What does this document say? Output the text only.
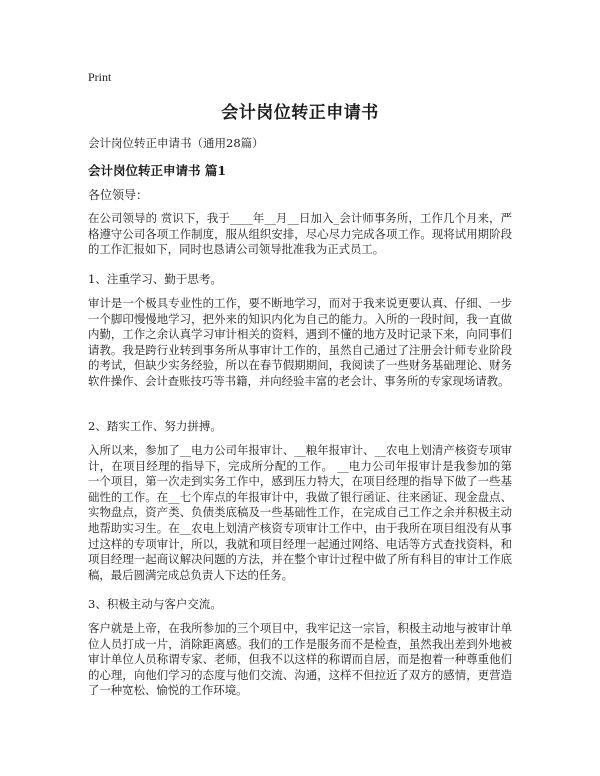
Print
会计岗位转正申请书
会计岗位转正申请书（通用28篇）
会计岗位转正申请书 篇1
各位领导：

在公司领导的 赏识下，我于____年__月__日加入_会计师事务所，工作几个月来，严格遵守公司各项工作制度，服从组织安排，尽心尽力完成各项工作。现将试用期阶段的工作汇报如下，同时也恳请公司领导批准我为正式员工。

1、注重学习、勤于思考。

审计是一个极具专业性的工作，要不断地学习，而对于我来说更要认真、仔细、一步一个脚印慢慢地学习，把外来的知识内化为自己的能力。入所的一段时间，我一直做内勤，工作之余认真学习审计相关的资料，遇到不懂的地方及时记录下来，向同事们请教。我是跨行业转到事务所从事审计工作的，虽然自己通过了注册会计师专业阶段的考试，但缺少实务经验，所以在春节假期期间，我阅读了一些财务基础理论、财务软件操作、会计查账技巧等书籍，并向经验丰富的老会计、事务所的专家现场请教。

2、踏实工作、努力拼搏。

入所以来，参加了__电力公司年报审计、__粮年报审计、__农电上划清产核资专项审计，在项目经理的指导下，完成所分配的工作。 __电力公司年报审计是我参加的第一个项目，第一次走到实务工作中，感到压力特大，在项目经理的指导下做了一些基础性的工作。在__七个库点的年报审计中，我做了银行函证、往来函证、现金盘点、实物盘点，资产类、负债类底稿及一些基础性工作，在完成自己工作之余并积极主动地帮助实习生。在__农电上划清产核资专项审计工作中，由于我所在项目组没有从事过这样的专项审计，所以，我就和项目经理一起通过网络、电话等方式查找资料，和项目经理一起商议解决问题的方法，并在整个审计过程中做了所有科目的审计工作底稿，最后圆满完成总负责人下达的任务。

3、积极主动与客户交流。

客户就是上帝，在我所参加的三个项目中，我牢记这一宗旨，积极主动地与被审计单位人员打成一片，消除距离感。我们的工作是服务而不是检查，虽然我出差到外地被审计单位人员称谓专家、老师，但我不以这样的称谓而自居，而是抱着一种尊重他们的心理，向他们学习的态度与他们交流、沟通，这样不但拉近了双方的感情，更营造了一种宽松、愉悦的工作环境。
